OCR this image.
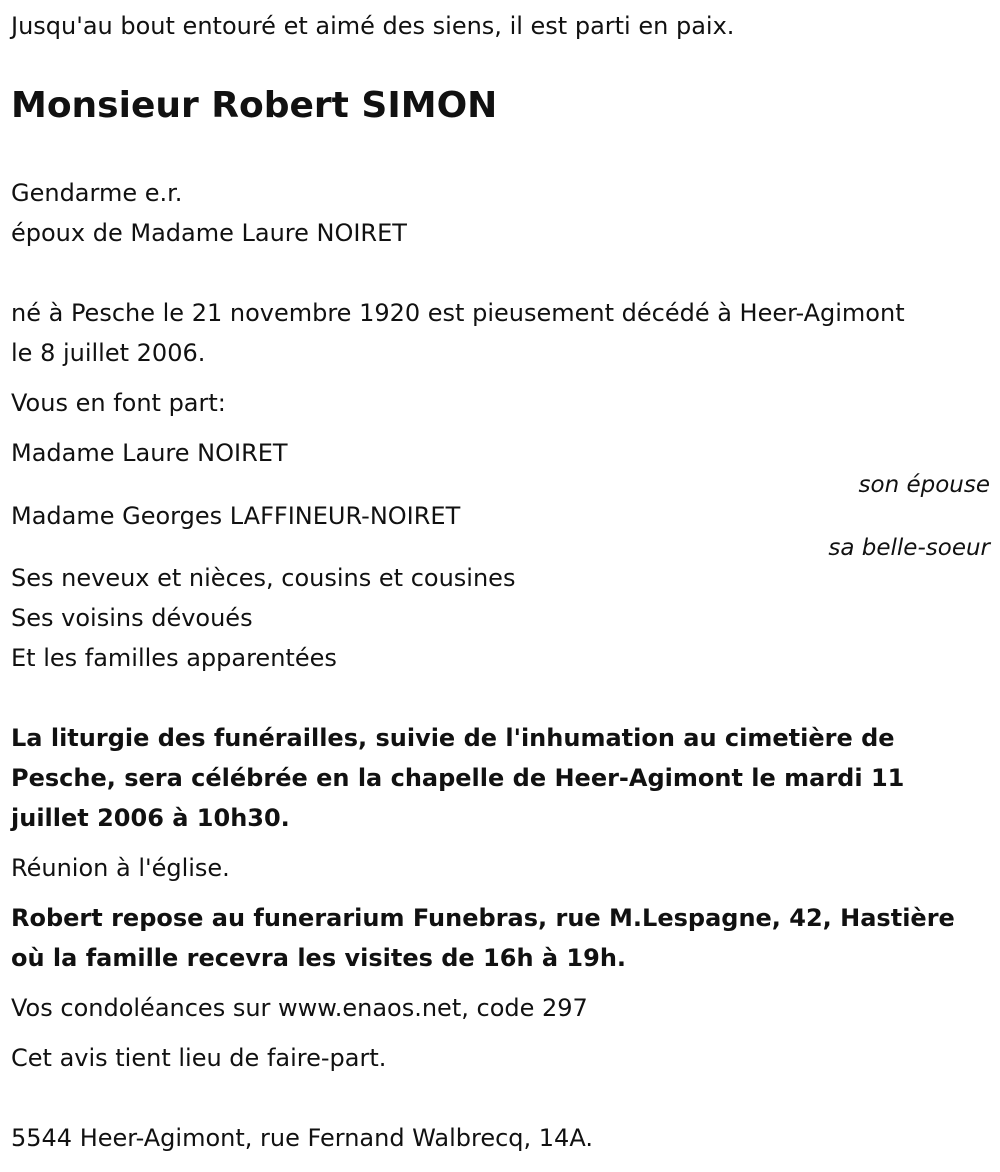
Jusqu'au bout entouré et aimé des siens, il est parti en paix.
Monsieur Robert SIMON
Gendarme e.r.
époux de Madame Laure NOIRET
né à Pesche le 21 novembre 1920 est pieusement décédé à Heer-Agimont
le 8 juillet 2006.
Vous en font part:
Madame Laure NOIRET
son épouse
Madame Georges LAFFINEUR-NOIRET
sa belle-soeur
Ses neveux et nièces, cousins et cousines
Ses voisins dévoués
Et les familles apparentées
La liturgie des funérailles, suivie de l'inhumation au cimetière de
Pesche, sera célébrée en la chapelle de Heer-Agimont le mardi 11
juillet 2006 à 10h30.
Réunion à l'église.
Robert repose au funerarium Funebras, rue M.Lespagne, 42, Hastière
où la famille recevra les visites de 16h à 19h.
Vos condoléances sur www.enaos.net, code 297
Cet avis tient lieu de faire-part.
5544 Heer-Agimont, rue Fernand Walbrecq, 14A.
